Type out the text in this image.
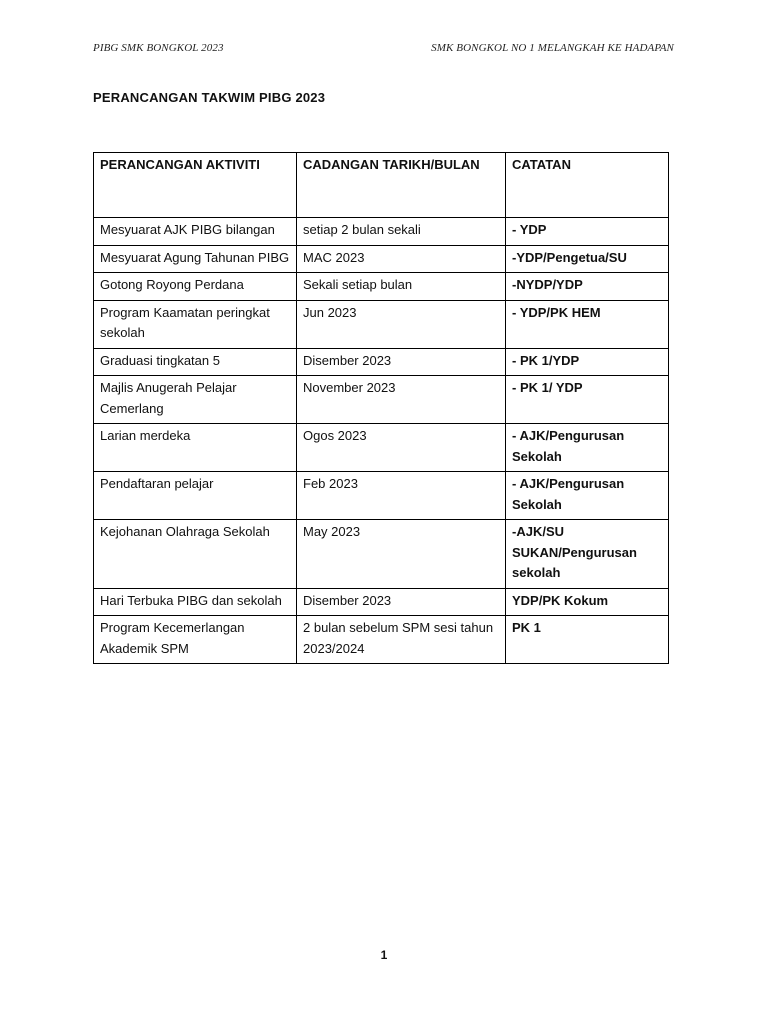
PIBG SMK BONGKOL 2023	SMK BONGKOL NO 1 MELANGKAH KE HADAPAN
PERANCANGAN TAKWIM PIBG 2023
PERANCANGAN AKTIVITI	CADANGAN TARIKH/BULAN	CATATAN
Mesyuarat AJK PIBG bilangan	setiap 2 bulan sekali	- YDP
Mesyuarat Agung Tahunan PIBG	MAC 2023	-YDP/Pengetua/SU
Gotong Royong Perdana	Sekali setiap bulan	-NYDP/YDP
Program Kaamatan peringkat sekolah	Jun 2023	- YDP/PK HEM
Graduasi tingkatan 5	Disember 2023	- PK 1/YDP
Majlis Anugerah Pelajar Cemerlang	November 2023	- PK 1/ YDP
Larian merdeka	Ogos 2023	- AJK/Pengurusan Sekolah
Pendaftaran pelajar	Feb 2023	- AJK/Pengurusan Sekolah
Kejohanan Olahraga Sekolah	May 2023	-AJK/SU SUKAN/Pengurusan sekolah
Hari Terbuka PIBG dan sekolah	Disember 2023	YDP/PK Kokum
Program Kecemerlangan Akademik SPM	2 bulan sebelum SPM sesi tahun 2023/2024	PK 1
1
